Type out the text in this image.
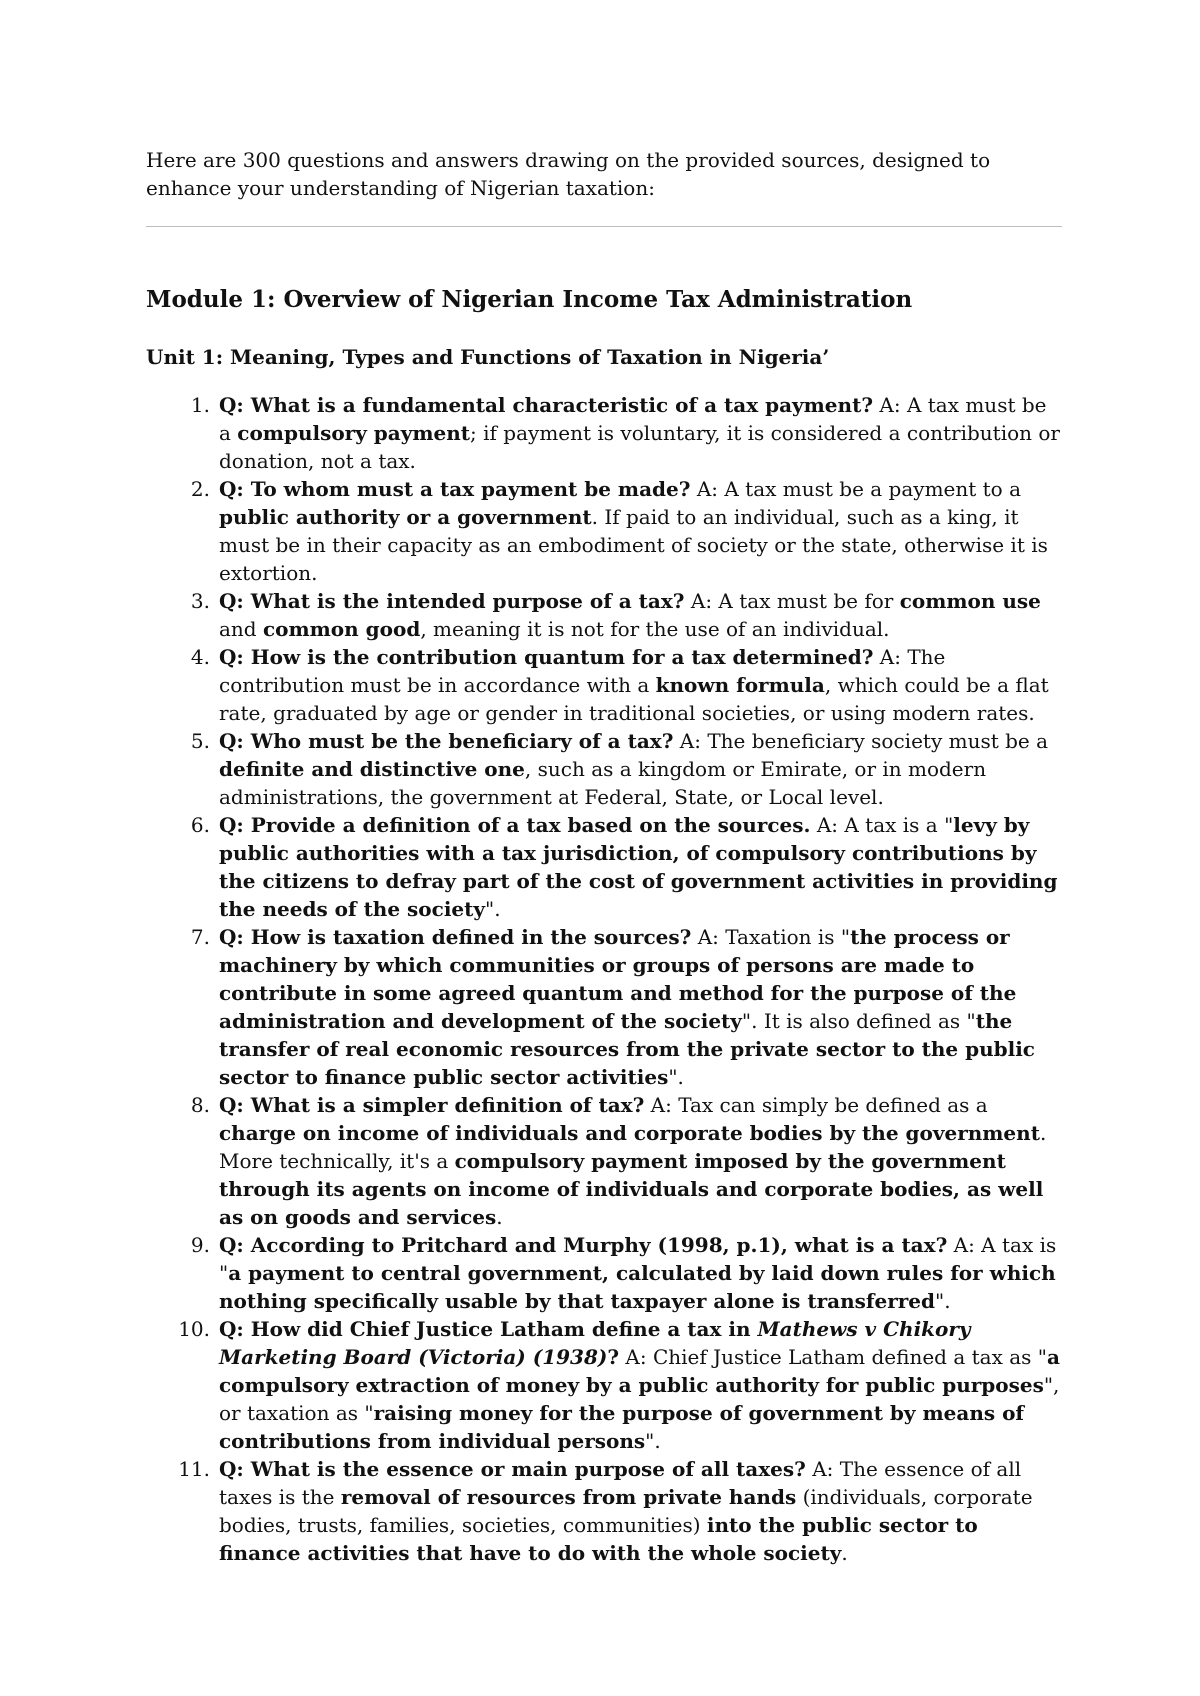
Here are 300 questions and answers drawing on the provided sources, designed to enhance your understanding of Nigerian taxation:

Module 1: Overview of Nigerian Income Tax Administration
Unit 1: Meaning, Types and Functions of Taxation in Nigeria’
1. Q: What is a fundamental characteristic of a tax payment? A: A tax must be a compulsory payment; if payment is voluntary, it is considered a contribution or donation, not a tax.
2. Q: To whom must a tax payment be made? A: A tax must be a payment to a public authority or a government. If paid to an individual, such as a king, it must be in their capacity as an embodiment of society or the state, otherwise it is extortion.
3. Q: What is the intended purpose of a tax? A: A tax must be for common use and common good, meaning it is not for the use of an individual.
4. Q: How is the contribution quantum for a tax determined? A: The contribution must be in accordance with a known formula, which could be a flat rate, graduated by age or gender in traditional societies, or using modern rates.
5. Q: Who must be the beneficiary of a tax? A: The beneficiary society must be a definite and distinctive one, such as a kingdom or Emirate, or in modern administrations, the government at Federal, State, or Local level.
6. Q: Provide a definition of a tax based on the sources. A: A tax is a "levy by public authorities with a tax jurisdiction, of compulsory contributions by the citizens to defray part of the cost of government activities in providing the needs of the society".
7. Q: How is taxation defined in the sources? A: Taxation is "the process or machinery by which communities or groups of persons are made to contribute in some agreed quantum and method for the purpose of the administration and development of the society". It is also defined as "the transfer of real economic resources from the private sector to the public sector to finance public sector activities".
8. Q: What is a simpler definition of tax? A: Tax can simply be defined as a charge on income of individuals and corporate bodies by the government. More technically, it's a compulsory payment imposed by the government through its agents on income of individuals and corporate bodies, as well as on goods and services.
9. Q: According to Pritchard and Murphy (1998, p.1), what is a tax? A: A tax is "a payment to central government, calculated by laid down rules for which nothing specifically usable by that taxpayer alone is transferred".
10. Q: How did Chief Justice Latham define a tax in Mathews v Chikory Marketing Board (Victoria) (1938)? A: Chief Justice Latham defined a tax as "a compulsory extraction of money by a public authority for public purposes", or taxation as "raising money for the purpose of government by means of contributions from individual persons".
11. Q: What is the essence or main purpose of all taxes? A: The essence of all taxes is the removal of resources from private hands (individuals, corporate bodies, trusts, families, societies, communities) into the public sector to finance activities that have to do with the whole society.
